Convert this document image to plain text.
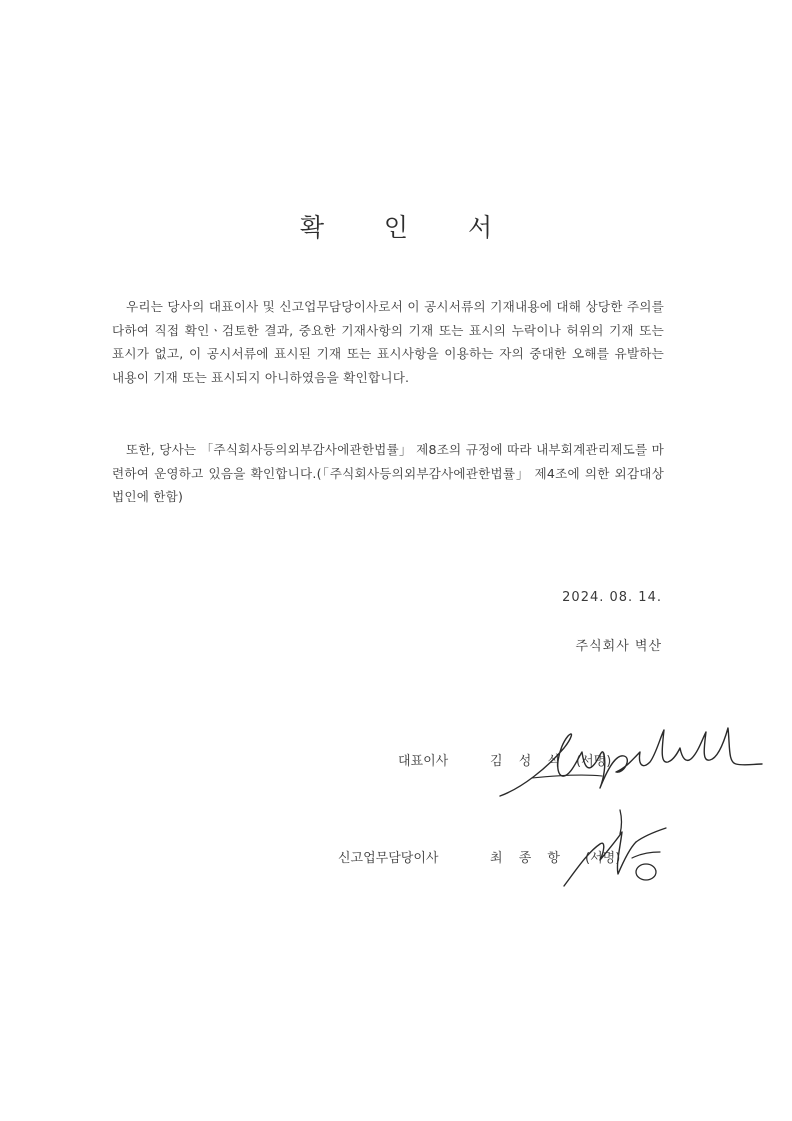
확 인 서
우리는 당사의 대표이사 및 신고업무담당이사로서 이 공시서류의 기재내용에 대해 상당한 주의를 다하여 직접 확인ㆍ검토한 결과, 중요한 기재사항의 기재 또는 표시의 누락이나 허위의 기재 또는 표시가 없고, 이 공시서류에 표시된 기재 또는 표시사항을 이용하는 자의 중대한 오해를 유발하는 내용이 기재 또는 표시되지 아니하였음을 확인합니다.
또한, 당사는 「주식회사등의외부감사에관한법률」 제8조의 규정에 따라 내부회계관리제도를 마련하여 운영하고 있음을 확인합니다.(「주식회사등의외부감사에관한법률」 제4조에 의한 외감대상법인에 한함)
2024. 08. 14.
주식회사 벽산
대표이사	김 성 식 (서명)
신고업무담당이사	최 종 항 (서명)
